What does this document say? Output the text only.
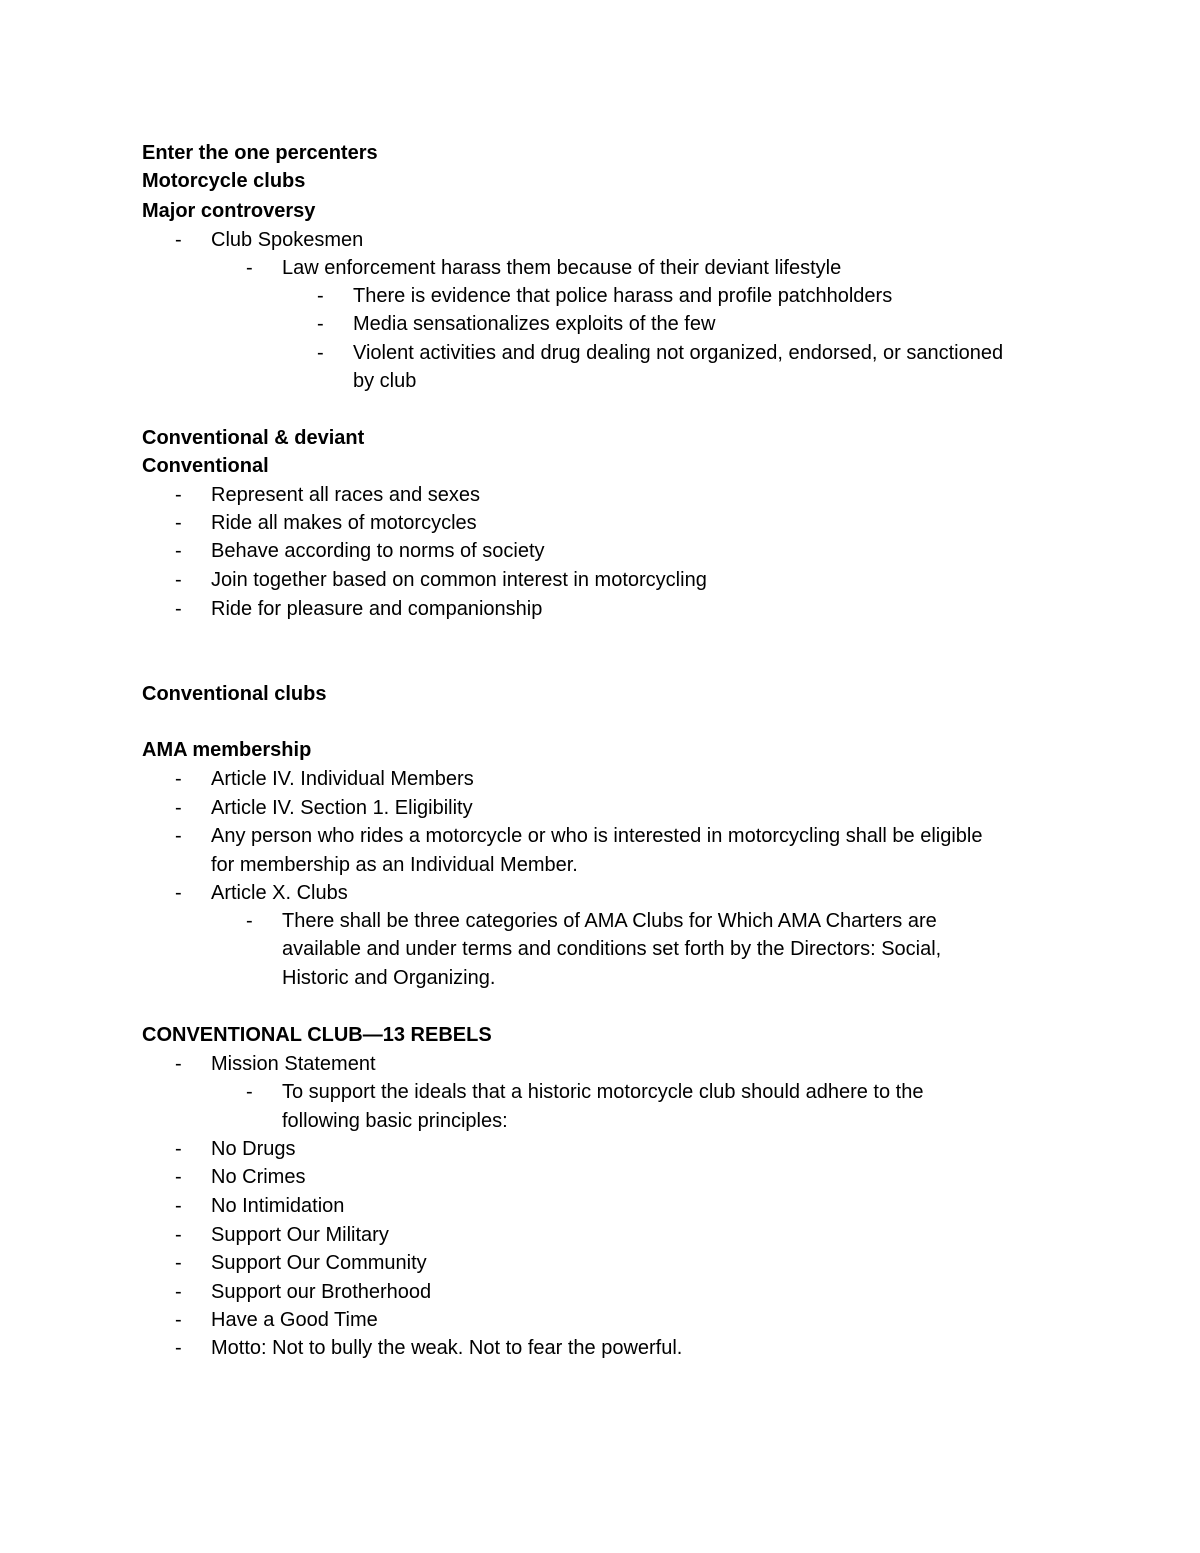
Enter the one percenters
Motorcycle clubs
Major controversy
- Club Spokesmen
- Law enforcement harass them because of their deviant lifestyle
- There is evidence that police harass and profile patchholders
- Media sensationalizes exploits of the few
- Violent activities and drug dealing not organized, endorsed, or sanctioned
by club
Conventional & deviant
Conventional
- Represent all races and sexes
- Ride all makes of motorcycles
- Behave according to norms of society
- Join together based on common interest in motorcycling
- Ride for pleasure and companionship
Conventional clubs
AMA membership
- Article IV. Individual Members
- Article IV. Section 1. Eligibility
- Any person who rides a motorcycle or who is interested in motorcycling shall be eligible
for membership as an Individual Member.
- Article X. Clubs
- There shall be three categories of AMA Clubs for Which AMA Charters are
available and under terms and conditions set forth by the Directors: Social,
Historic and Organizing.
CONVENTIONAL CLUB—13 REBELS
- Mission Statement
- To support the ideals that a historic motorcycle club should adhere to the
following basic principles:
- No Drugs
- No Crimes
- No Intimidation
- Support Our Military
- Support Our Community
- Support our Brotherhood
- Have a Good Time
- Motto: Not to bully the weak. Not to fear the powerful.
